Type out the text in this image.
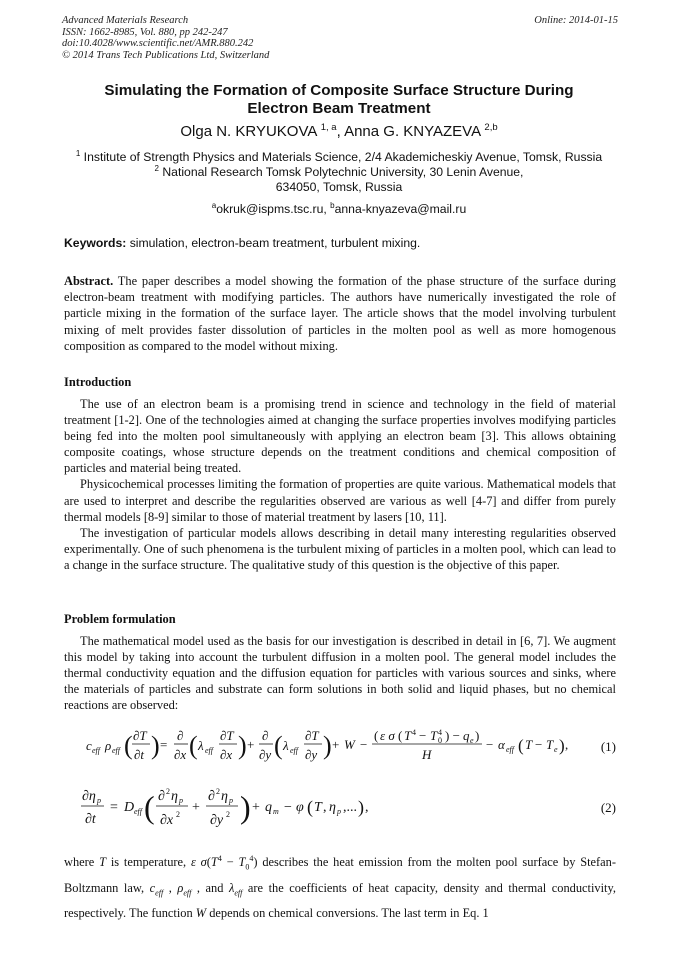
Advanced Materials Research
ISSN: 1662-8985, Vol. 880, pp 242-247
doi:10.4028/www.scientific.net/AMR.880.242
© 2014 Trans Tech Publications Ltd, Switzerland
Online: 2014-01-15
Simulating the Formation of Composite Surface Structure During
Electron Beam Treatment
Olga N. KRYUKOVA $^{1, a}$, Anna G. KNYAZEVA $^{2,b}$
$^1$ Institute of Strength Physics and Materials Science, 2/4 Akademicheskiy Avenue, Tomsk, Russia
$^2$ National Research Tomsk Polytechnic University, 30 Lenin Avenue,
634050, Tomsk, Russia
$^a$okruk@ispms.tsc.ru, $^b$anna-knyazeva@mail.ru
Keywords: simulation, electron-beam treatment, turbulent mixing.
Abstract. The paper describes a model showing the formation of the phase structure of the surface during electron-beam treatment with modifying particles. The authors have numerically investigated the role of particle mixing in the formation of the surface layer. The article shows that the model involving turbulent mixing of melt provides faster dissolution of particles in the molten pool as well as more homogenous composition as compared to the model without mixing.
Introduction

The use of an electron beam is a promising trend in science and technology in the field of material treatment [1-2]. One of the technologies aimed at changing the surface properties involves modifying particles being fed into the molten pool simultaneously with applying an electron beam [3]. This allows obtaining composite coatings, whose structure depends on the treatment conditions and chemical composition of particles and material being treated.

Physicochemical processes limiting the formation of properties are quite various. Mathematical models that are used to interpret and describe the regularities observed are various as well [4-7] and differ from purely thermal models [8-9] similar to those of material treatment by lasers [10, 11].

The investigation of particular models allows describing in detail many interesting regularities observed experimentally. One of such phenomena is the turbulent mixing of particles in a molten pool, which can lead to a change in the surface structure. The qualitative study of this question is the objective of this paper.

Problem formulation

The mathematical model used as the basis for our investigation is described in detail in [6, 7]. We augment this model by taking into account the turbulent diffusion in a molten pool. The general model includes the thermal conductivity equation and the diffusion equation for particles with various sources and sinks, where the materials of particles and substrate can form solutions in both solid and liquid phases, but no chemical reactions are observed:

c eff ρ eff ( ∂T
∂t ) =
∂
∂x ( λ eff
∂T
∂x ) +
∂
∂y ( λ eff
∂T
∂y ) + W −
( ε σ ( T 4 − T 0
4 ) − q e )
H
− α eff ( T − T e ) ,	(1)
∂η p
∂t
= D eff ( ∂ 2 η p
∂x 2 +
∂ 2 η p
∂y 2 ) + q m − φ ( T , η p ,... ) ,	(2)

where T is temperature, ε $\sigma(T^4 - T_0^4)$ describes the heat emission from the molten pool surface by Stefan-Boltzmann law, $c_{eff}$ , $\rho_{eff}$ , and $\lambda_{eff}$ are the coefficients of heat capacity, density and thermal conductivity, respectively. The function W depends on chemical conversions. The last term in Eq. 1
